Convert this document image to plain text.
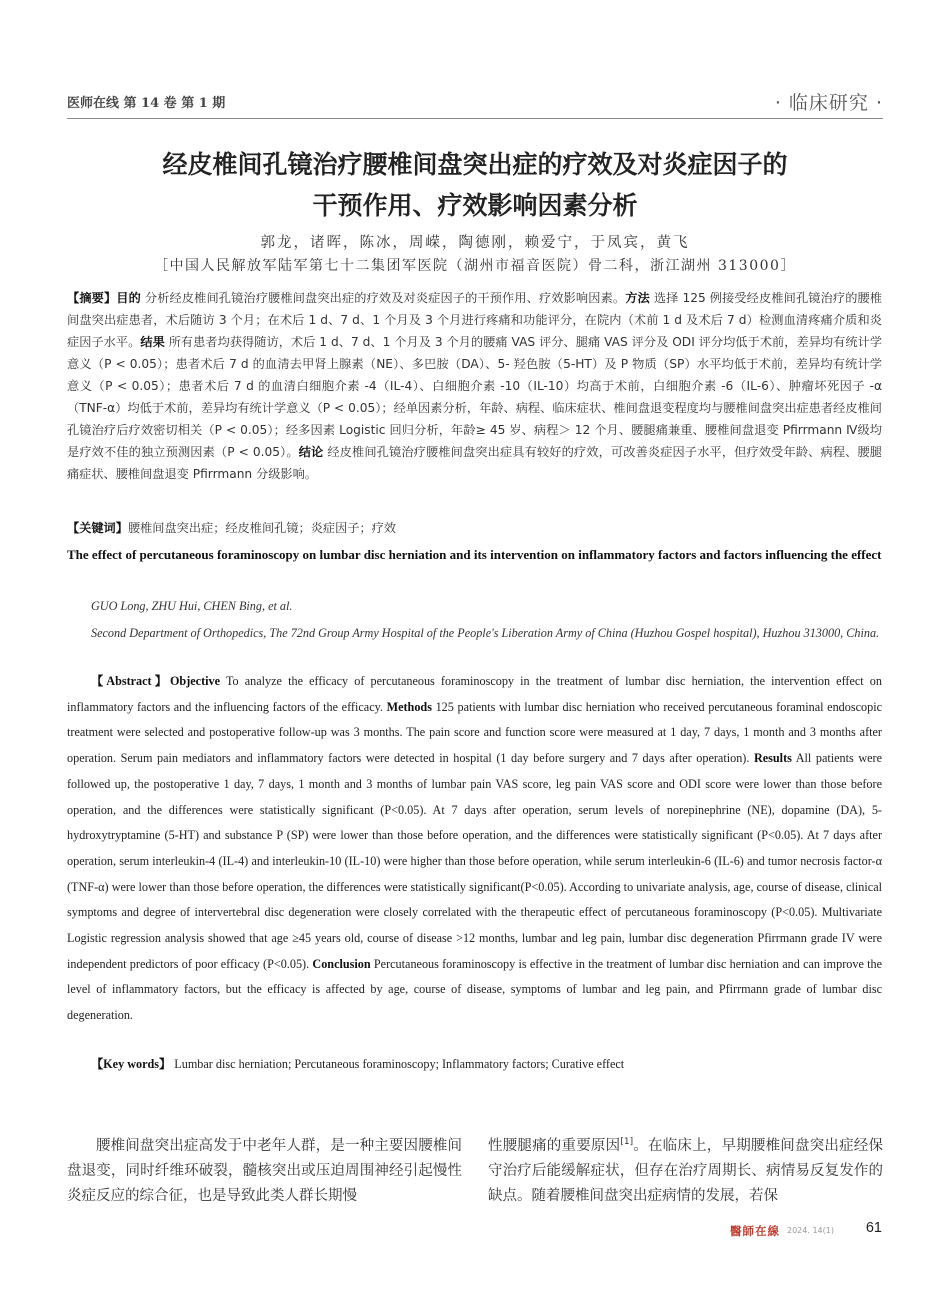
医师在线 第 14 卷 第 1 期	· 临床研究 ·
经皮椎间孔镜治疗腰椎间盘突出症的疗效及对炎症因子的
干预作用、疗效影响因素分析
郭龙，诸晖，陈冰，周嵘，陶德刚，赖爱宁，于凤宾，黄飞
［中国人民解放军陆军第七十二集团军医院（湖州市福音医院）骨二科，浙江湖州 313000］

【摘要】目的 分析经皮椎间孔镜治疗腰椎间盘突出症的疗效及对炎症因子的干预作用、疗效影响因素。方法 选择 125 例接受经皮椎间孔镜治疗的腰椎间盘突出症患者，术后随访 3 个月；在术后 1 d、7 d、1 个月及 3 个月进行疼痛和功能评分，在院内（术前 1 d 及术后 7 d）检测血清疼痛介质和炎症因子水平。结果 所有患者均获得随访，术后 1 d、7 d、1 个月及 3 个月的腰痛 VAS 评分、腿痛 VAS 评分及 ODI 评分均低于术前，差异均有统计学意义（P < 0.05）；患者术后 7 d 的血清去甲肾上腺素（NE）、多巴胺（DA）、5- 羟色胺（5-HT）及 P 物质（SP）水平均低于术前，差异均有统计学意义（P < 0.05）；患者术后 7 d 的血清白细胞介素 -4（IL-4）、白细胞介素 -10（IL-10）均高于术前，白细胞介素 -6（IL-6）、肿瘤坏死因子 -α（TNF-α）均低于术前，差异均有统计学意义（P < 0.05）；经单因素分析，年龄、病程、临床症状、椎间盘退变程度均与腰椎间盘突出症患者经皮椎间孔镜治疗后疗效密切相关（P < 0.05）；经多因素 Logistic 回归分析，年龄≥ 45 岁、病程＞ 12 个月、腰腿痛兼重、腰椎间盘退变 Pfirrmann Ⅳ级均是疗效不佳的独立预测因素（P < 0.05）。结论 经皮椎间孔镜治疗腰椎间盘突出症具有较好的疗效，可改善炎症因子水平，但疗效受年龄、病程、腰腿痛症状、腰椎间盘退变 Pfirrmann 分级影响。

【关键词】腰椎间盘突出症；经皮椎间孔镜；炎症因子；疗效

The effect of percutaneous foraminoscopy on lumbar disc herniation and its intervention on inflammatory factors and factors influencing the effect

GUO Long, ZHU Hui, CHEN Bing, et al.

Second Department of Orthopedics, The 72nd Group Army Hospital of the People's Liberation Army of China (Huzhou Gospel hospital), Huzhou 313000, China.

【Abstract】Objective To analyze the efficacy of percutaneous foraminoscopy in the treatment of lumbar disc herniation, the intervention effect on inflammatory factors and the influencing factors of the efficacy. Methods 125 patients with lumbar disc herniation who received percutaneous foraminal endoscopic treatment were selected and postoperative follow-up was 3 months. The pain score and function score were measured at 1 day, 7 days, 1 month and 3 months after operation. Serum pain mediators and inflammatory factors were detected in hospital (1 day before surgery and 7 days after operation). Results All patients were followed up, the postoperative 1 day, 7 days, 1 month and 3 months of lumbar pain VAS score, leg pain VAS score and ODI score were lower than those before operation, and the differences were statistically significant (P<0.05). At 7 days after operation, serum levels of norepinephrine (NE), dopamine (DA), 5-hydroxytryptamine (5-HT) and substance P (SP) were lower than those before operation, and the differences were statistically significant (P<0.05). At 7 days after operation, serum interleukin-4 (IL-4) and interleukin-10 (IL-10) were higher than those before operation, while serum interleukin-6 (IL-6) and tumor necrosis factor-α (TNF-α) were lower than those before operation, the differences were statistically significant(P<0.05). According to univariate analysis, age, course of disease, clinical symptoms and degree of intervertebral disc degeneration were closely correlated with the therapeutic effect of percutaneous foraminoscopy (P<0.05). Multivariate Logistic regression analysis showed that age ≥45 years old, course of disease >12 months, lumbar and leg pain, lumbar disc degeneration Pfirrmann grade IV were independent predictors of poor efficacy (P<0.05). Conclusion Percutaneous foraminoscopy is effective in the treatment of lumbar disc herniation and can improve the level of inflammatory factors, but the efficacy is affected by age, course of disease, symptoms of lumbar and leg pain, and Pfirrmann grade of lumbar disc degeneration.

【Key words】 Lumbar disc herniation; Percutaneous foraminoscopy; Inflammatory factors; Curative effect

腰椎间盘突出症高发于中老年人群，是一种主要因腰椎间盘退变，同时纤维环破裂，髓核突出或压迫周围神经引起慢性炎症反应的综合征，也是导致此类人群长期慢

性腰腿痛的重要原因[1]。在临床上，早期腰椎间盘突出症经保守治疗后能缓解症状，但存在治疗周期长、病情易反复发作的缺点。随着腰椎间盘突出症病情的发展，若保

醫師在線 2024. 14(1) 61
